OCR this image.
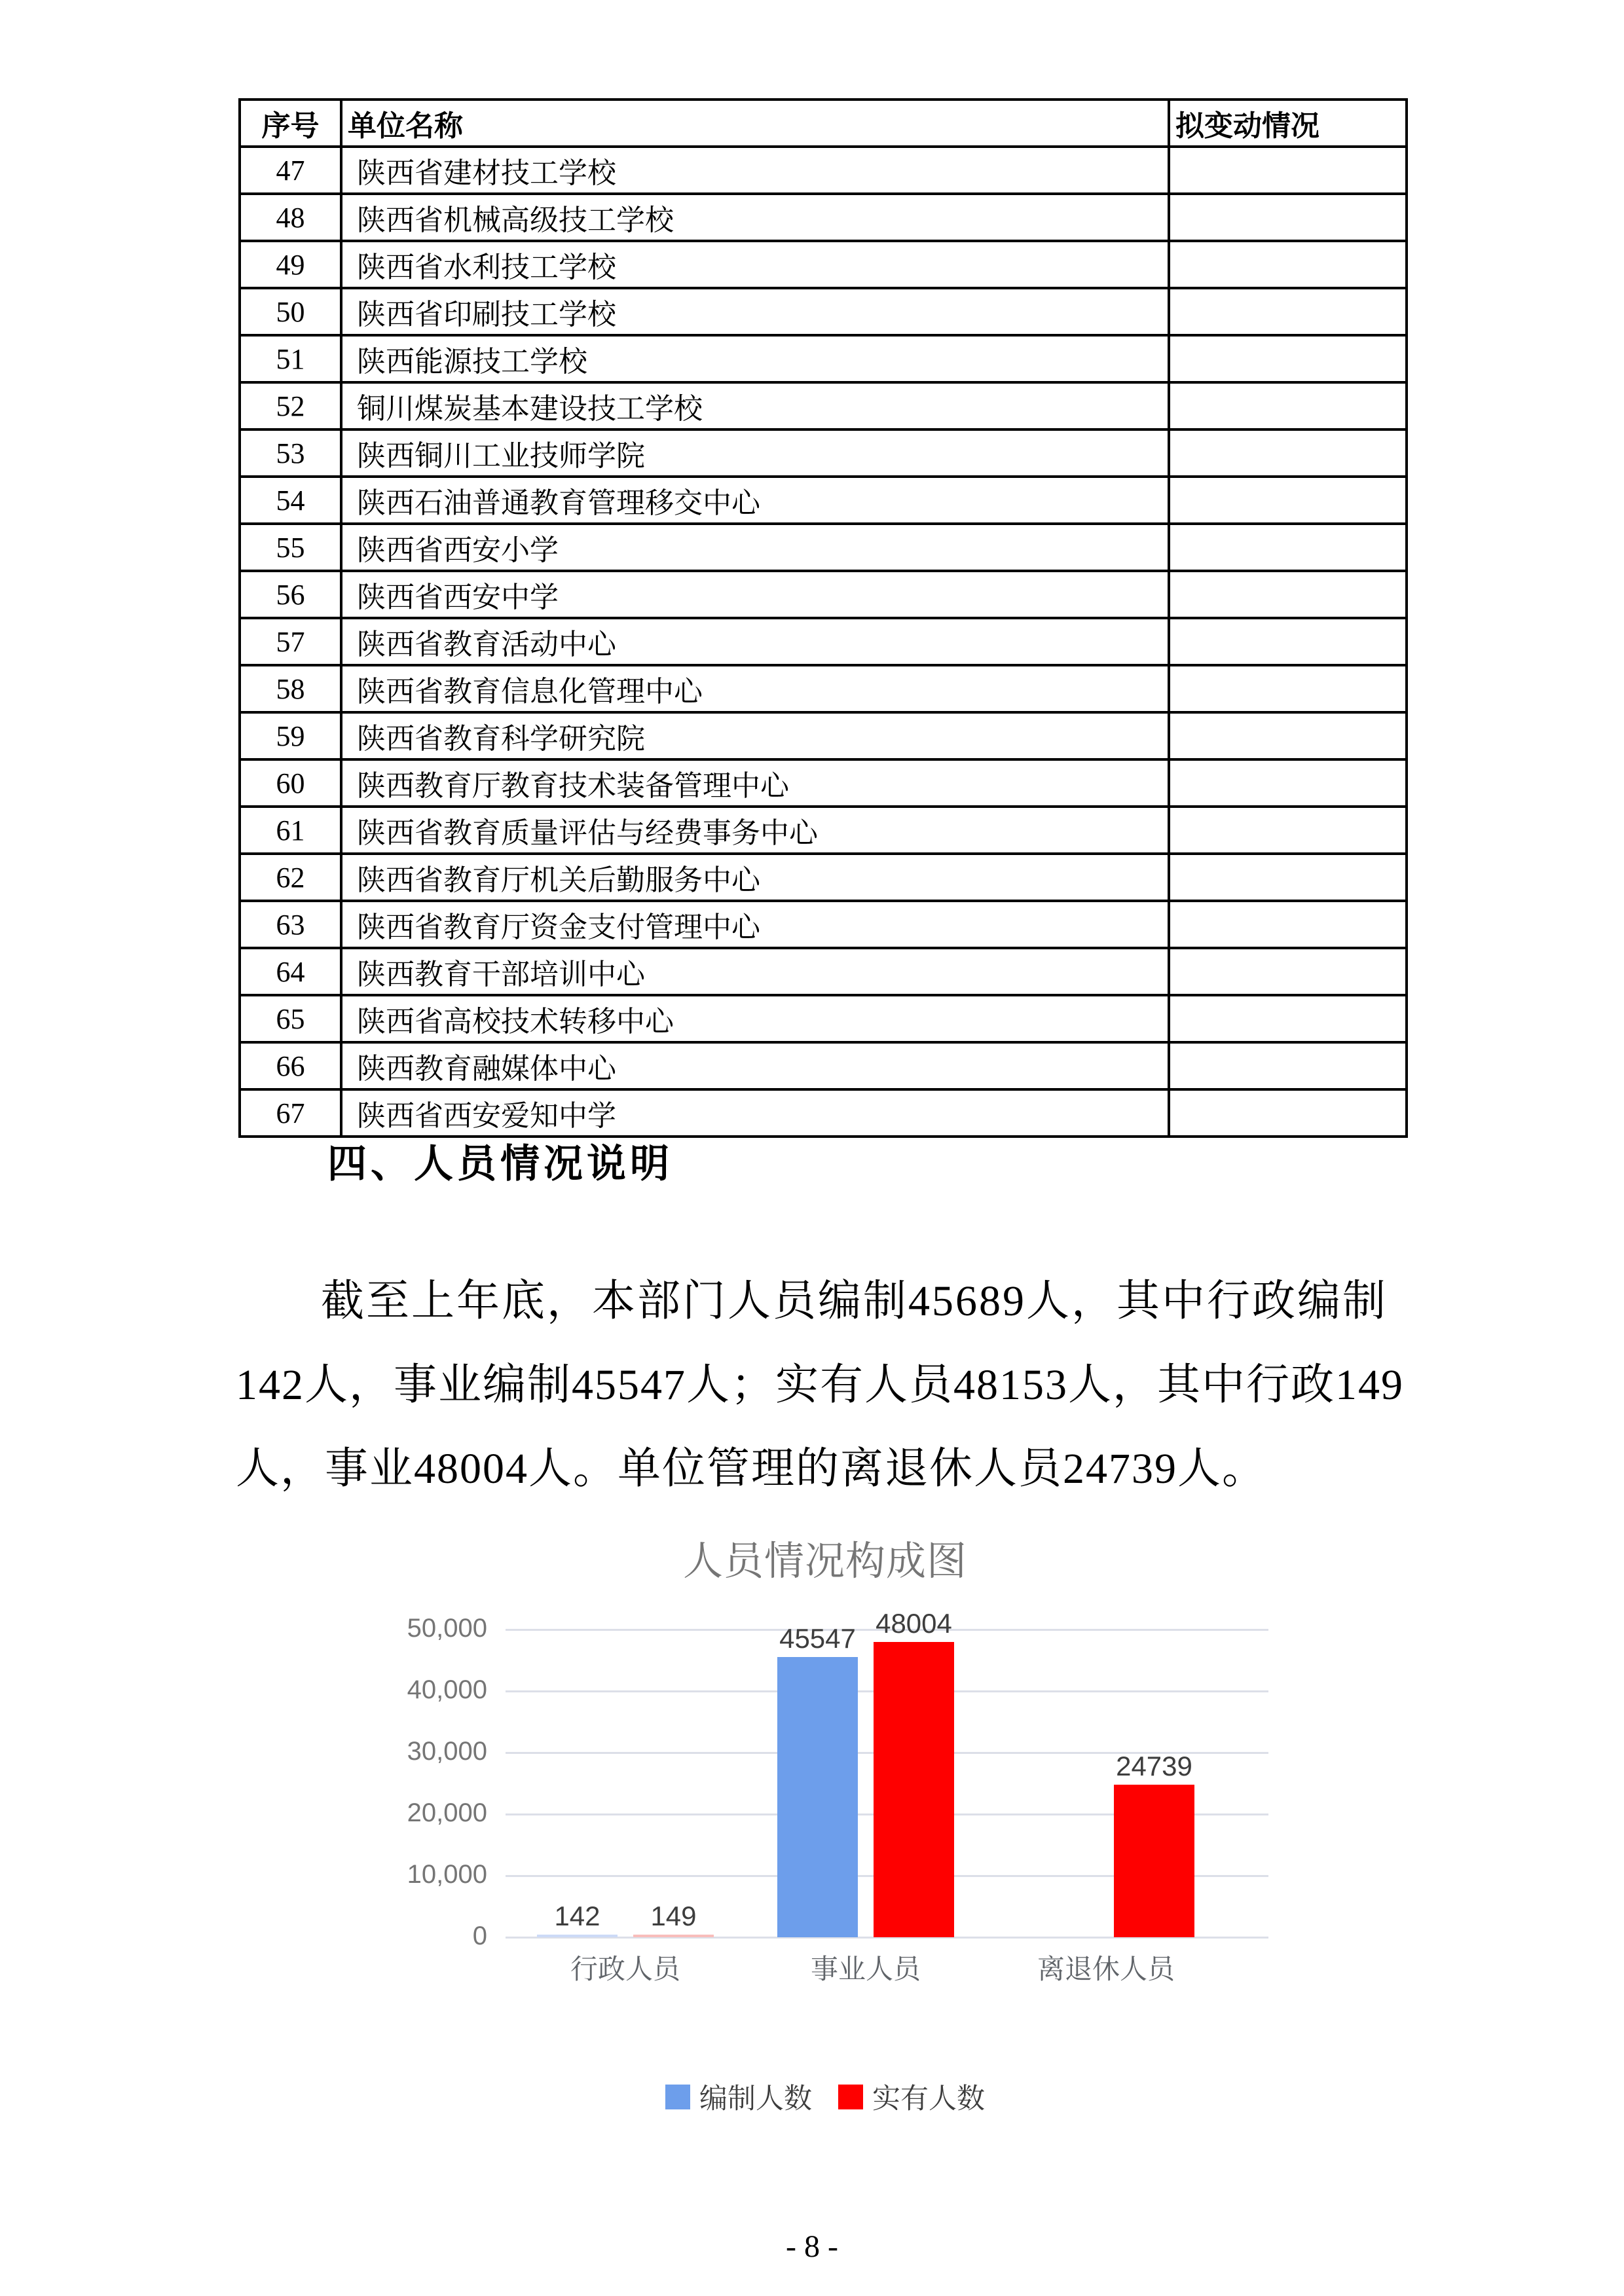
序号	单位名称	拟变动情况
47	陕西省建材技工学校	
48	陕西省机械高级技工学校	
49	陕西省水利技工学校	
50	陕西省印刷技工学校	
51	陕西能源技工学校	
52	铜川煤炭基本建设技工学校	
53	陕西铜川工业技师学院	
54	陕西石油普通教育管理移交中心	
55	陕西省西安小学	
56	陕西省西安中学	
57	陕西省教育活动中心	
58	陕西省教育信息化管理中心	
59	陕西省教育科学研究院	
60	陕西教育厅教育技术装备管理中心	
61	陕西省教育质量评估与经费事务中心	
62	陕西省教育厅机关后勤服务中心	
63	陕西省教育厅资金支付管理中心	
64	陕西教育干部培训中心	
65	陕西省高校技术转移中心	
66	陕西教育融媒体中心	
67	陕西省西安爱知中学	
四、人员情况说明
截至上年底，本部门人员编制45689人，其中行政编制
142人，事业编制45547人；实有人员48153人，其中行政149
人，事业48004人。单位管理的离退休人员24739人。
人员情况构成图
0
10,000
20,000
30,000
40,000
50,000
142
45547
149
48004
24739
行政人员	事业人员	离退休人员
编制人数	实有人数
- 8 -
